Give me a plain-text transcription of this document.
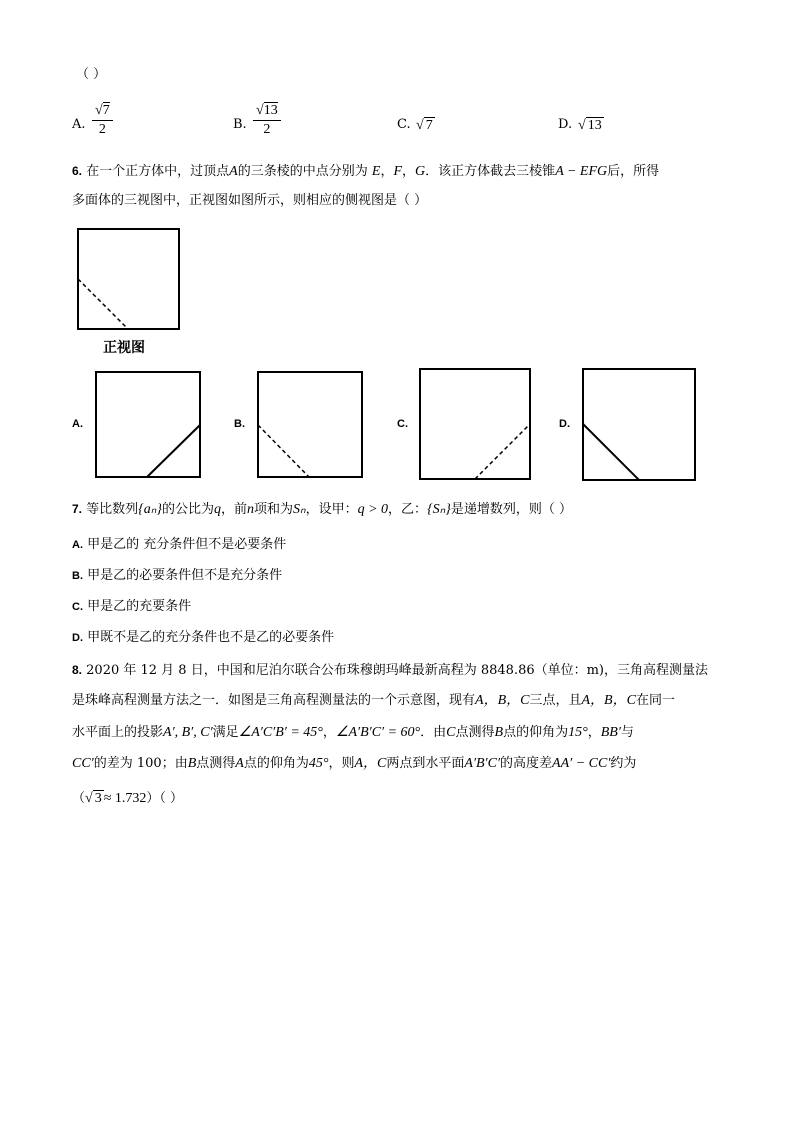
（ ）
A. $\frac{√7}{2}$	B. $\frac{√13}{2}$	C. √ 7	D. √ 13
6. 在一个正方体中，过顶点A的三条棱的中点分别为 E，F，G．该正方体截去三棱锥A − EFG后，所得
多面体的三视图中，正视图如图所示，则相应的侧视图是（ ）
正视图
A.	B.	C.	D.
7. 等比数列{aₙ}的公比为q，前n项和为Sₙ，设甲：q > 0，乙：{Sₙ}是递增数列，则（ ）
A. 甲是乙的 充分条件但不是必要条件
B. 甲是乙的必要条件但不是充分条件
C. 甲是乙的充要条件
D. 甲既不是乙的充分条件也不是乙的必要条件
8. 2020 年 12 月 8 日，中国和尼泊尔联合公布珠穆朗玛峰最新高程为 8848.86（单位：m)，三角高程测量法
是珠峰高程测量方法之一．如图是三角高程测量法的一个示意图，现有A，B，C三点，且A，B，C在同一
水平面上的投影A′, B′, C′满足∠A′C′B′ = 45°，∠A′B′C′ = 60°．由C点测得B点的仰角为15°，BB′与
CC′的差为 100；由B点测得A点的仰角为45°，则A，C两点到水平面A′B′C′的高度差AA′ − CC′约为
（√ 3 ≈ 1.732）（ ）
